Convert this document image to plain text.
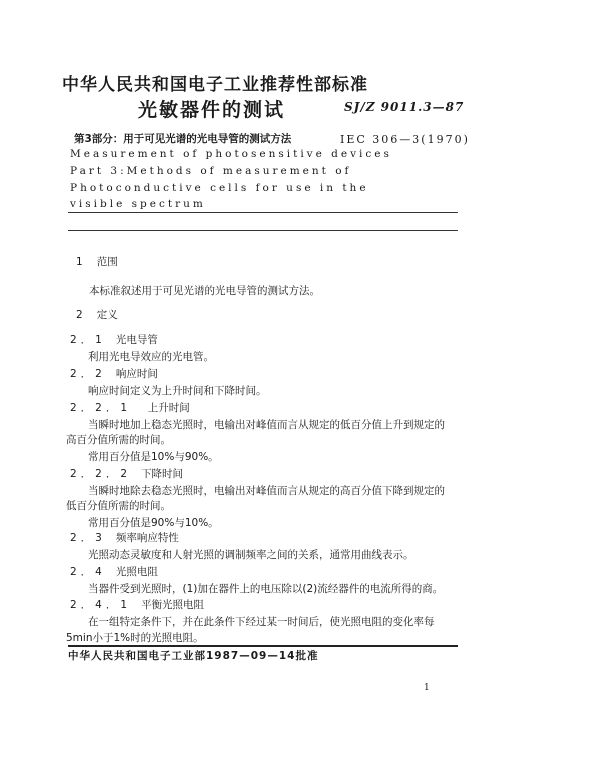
中华人民共和国电子工业推荐性部标准
光敏器件的测试	SJ/Z 9011.3—87
第3部分：用于可见光谱的光电导管的测试方法	IEC 306—3(1970)
Measurement of photosensitive devices
Part 3:Methods of measurement of
Photoconductive cells for use in the
visible spectrum
1 范围
本标准叙述用于可见光谱的光电导管的测试方法。
2 定义
2．1 光电导管
利用光电导效应的光电管。
2．2 响应时间
响应时间定义为上升时间和下降时间。
2．2．1 上升时间
当瞬时地加上稳态光照时，电输出对峰值而言从规定的低百分值上升到规定的
高百分值所需的时间。
常用百分值是10%与90%。
2．2．2 下降时间
当瞬时地除去稳态光照时，电输出对峰值而言从规定的高百分值下降到规定的
低百分值所需的时间。
常用百分值是90%与10%。
2．3 频率响应特性
光照动态灵敏度和人射光照的调制频率之间的关系，通常用曲线表示。
2．4 光照电阻
当器件受到光照时，(1)加在器件上的电压除以(2)流经器件的电流所得的商。
2．4．1 平衡光照电阻
在一组特定条件下，并在此条件下经过某一时间后，使光照电阻的变化率每
5min小于1%时的光照电阻。
中华人民共和国电子工业部1987—09—14批准
1
